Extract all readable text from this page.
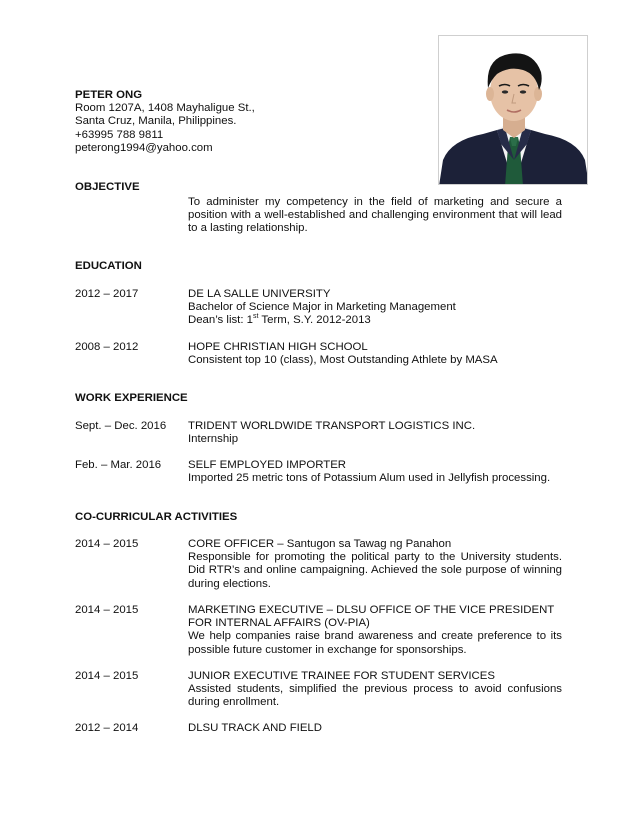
PETER ONG
Room 1207A, 1408 Mayhaligue St.,
Santa Cruz, Manila, Philippines.
+63995 788 9811
peterong1994@yahoo.com
OBJECTIVE
To administer my competency in the field of marketing and secure a position with a well-established and challenging environment that will lead to a lasting relationship.
EDUCATION
2012 – 2017	DE LA SALLE UNIVERSITY
Bachelor of Science Major in Marketing Management
Dean’s list: 1st Term, S.Y. 2012-2013
2008 – 2012	HOPE CHRISTIAN HIGH SCHOOL
Consistent top 10 (class), Most Outstanding Athlete by MASA
WORK EXPERIENCE
Sept. – Dec. 2016 TRIDENT WORLDWIDE TRANSPORT LOGISTICS INC.
Internship
Feb. – Mar. 2016 SELF EMPLOYED IMPORTER
Imported 25 metric tons of Potassium Alum used in Jellyfish processing.
CO-CURRICULAR ACTIVITIES
2014 – 2015	CORE OFFICER – Santugon sa Tawag ng Panahon
Responsible for promoting the political party to the University students. Did RTR’s and online campaigning. Achieved the sole purpose of winning during elections.
2014 – 2015	MARKETING EXECUTIVE – DLSU OFFICE OF THE VICE PRESIDENT FOR INTERNAL AFFAIRS (OV-PIA)
We help companies raise brand awareness and create preference to its possible future customer in exchange for sponsorships.
2014 – 2015	JUNIOR EXECUTIVE TRAINEE FOR STUDENT SERVICES
Assisted students, simplified the previous process to avoid confusions during enrollment.
2012 – 2014	DLSU TRACK AND FIELD
